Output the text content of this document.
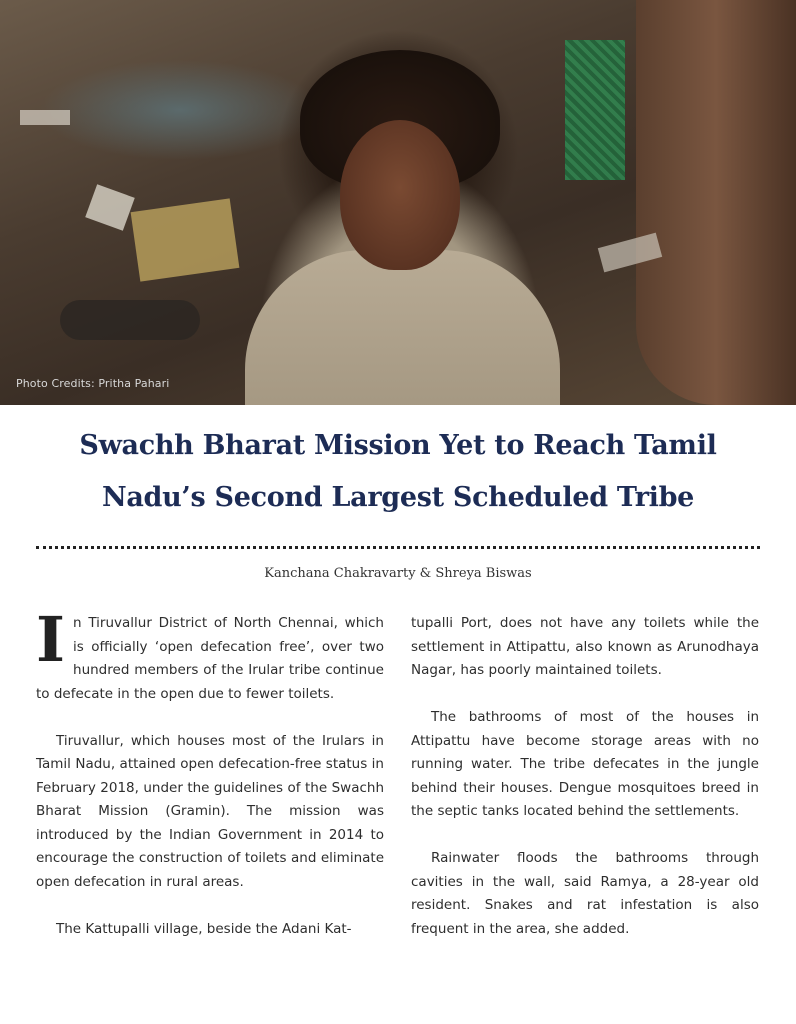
Photo Credits: Pritha Pahari
Swachh Bharat Mission Yet to Reach Tamil
Nadu’s Second Largest Scheduled Tribe
Kanchana Chakravarty & Shreya Biswas

In Tiruvallur District of North Chennai, which is officially ‘open defecation free’, over two hundred members of the Irular tribe continue to defecate in the open due to fewer toilets.

Tiruvallur, which houses most of the Irulars in Tamil Nadu, attained open defecation-free status in February 2018, under the guidelines of the Swachh Bharat Mission (Gramin). The mission was introduced by the Indian Government in 2014 to encourage the construction of toilets and eliminate open defecation in rural areas.

The Kattupalli village, beside the Adani Kat-

tupalli Port, does not have any toilets while the settlement in Attipattu, also known as Arunodhaya Nagar, has poorly maintained toilets.

The bathrooms of most of the houses in Attipattu have become storage areas with no running water. The tribe defecates in the jungle behind their houses. Dengue mosquitoes breed in the septic tanks located behind the settlements.

Rainwater floods the bathrooms through cavities in the wall, said Ramya, a 28-year old resident. Snakes and rat infestation is also frequent in the area, she added.
